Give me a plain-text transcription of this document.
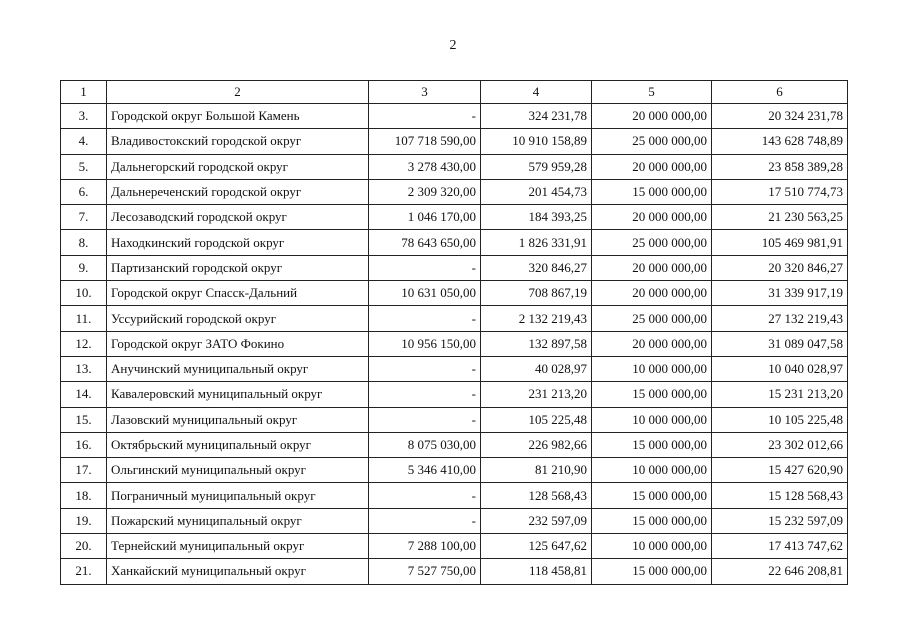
2
1	2	3	4	5	6
3.	Городской округ Большой Камень	-	324 231,78	20 000 000,00	20 324 231,78
4.	Владивостокский городской округ	107 718 590,00	10 910 158,89	25 000 000,00	143 628 748,89
5.	Дальнегорский городской округ	3 278 430,00	579 959,28	20 000 000,00	23 858 389,28
6.	Дальнереченский городской округ	2 309 320,00	201 454,73	15 000 000,00	17 510 774,73
7.	Лесозаводский городской округ	1 046 170,00	184 393,25	20 000 000,00	21 230 563,25
8.	Находкинский городской округ	78 643 650,00	1 826 331,91	25 000 000,00	105 469 981,91
9.	Партизанский городской округ	-	320 846,27	20 000 000,00	20 320 846,27
10.	Городской округ Спасск-Дальний	10 631 050,00	708 867,19	20 000 000,00	31 339 917,19
11.	Уссурийский городской округ	-	2 132 219,43	25 000 000,00	27 132 219,43
12.	Городской округ ЗАТО Фокино	10 956 150,00	132 897,58	20 000 000,00	31 089 047,58
13.	Анучинский муниципальный округ	-	40 028,97	10 000 000,00	10 040 028,97
14.	Кавалеровский муниципальный округ	-	231 213,20	15 000 000,00	15 231 213,20
15.	Лазовский муниципальный округ	-	105 225,48	10 000 000,00	10 105 225,48
16.	Октябрьский муниципальный округ	8 075 030,00	226 982,66	15 000 000,00	23 302 012,66
17.	Ольгинский муниципальный округ	5 346 410,00	81 210,90	10 000 000,00	15 427 620,90
18.	Пограничный муниципальный округ	-	128 568,43	15 000 000,00	15 128 568,43
19.	Пожарский муниципальный округ	-	232 597,09	15 000 000,00	15 232 597,09
20.	Тернейский муниципальный округ	7 288 100,00	125 647,62	10 000 000,00	17 413 747,62
21.	Ханкайский муниципальный округ	7 527 750,00	118 458,81	15 000 000,00	22 646 208,81
